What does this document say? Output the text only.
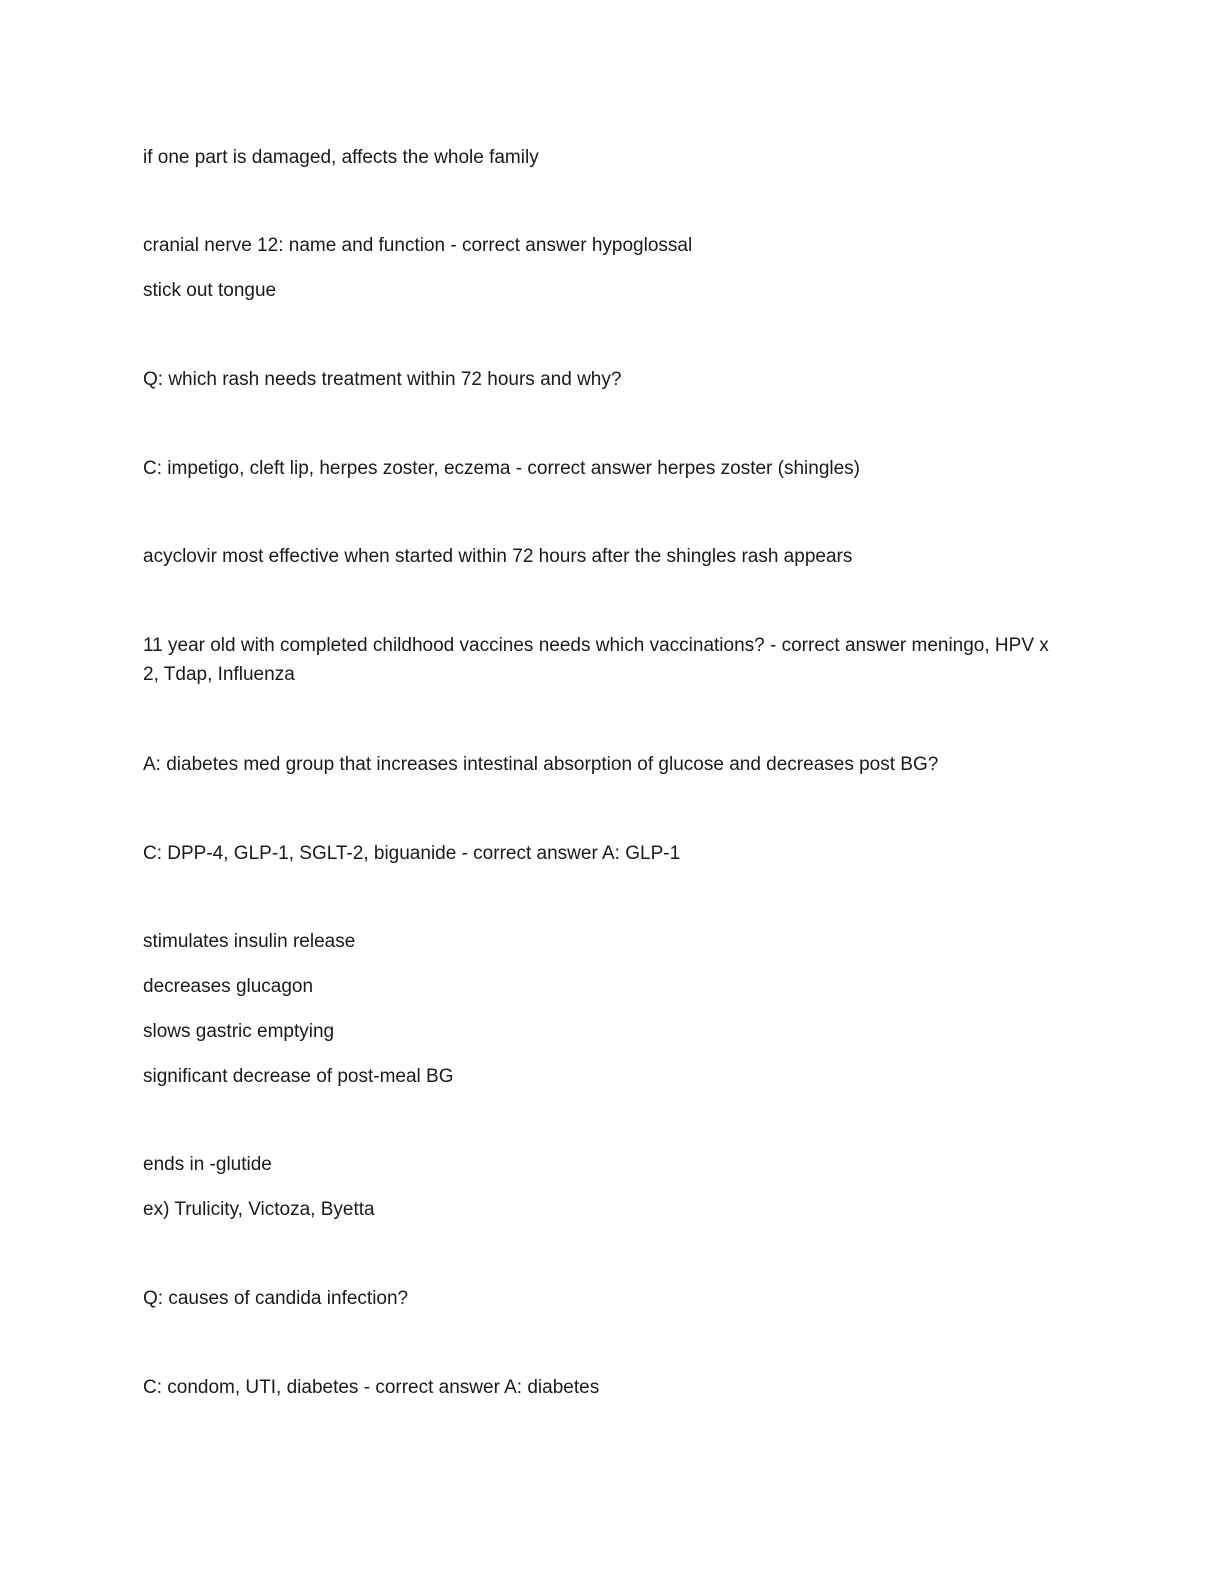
if one part is damaged, affects the whole family
cranial nerve 12: name and function - correct answer hypoglossal
stick out tongue
Q: which rash needs treatment within 72 hours and why?
C: impetigo, cleft lip, herpes zoster, eczema - correct answer herpes zoster (shingles)
acyclovir most effective when started within 72 hours after the shingles rash appears
11 year old with completed childhood vaccines needs which vaccinations? - correct answer meningo, HPV x 2, Tdap, Influenza
A: diabetes med group that increases intestinal absorption of glucose and decreases post BG?
C: DPP-4, GLP-1, SGLT-2, biguanide - correct answer A: GLP-1
stimulates insulin release
decreases glucagon
slows gastric emptying
significant decrease of post-meal BG
ends in -glutide
ex) Trulicity, Victoza, Byetta
Q: causes of candida infection?
C: condom, UTI, diabetes - correct answer A: diabetes
